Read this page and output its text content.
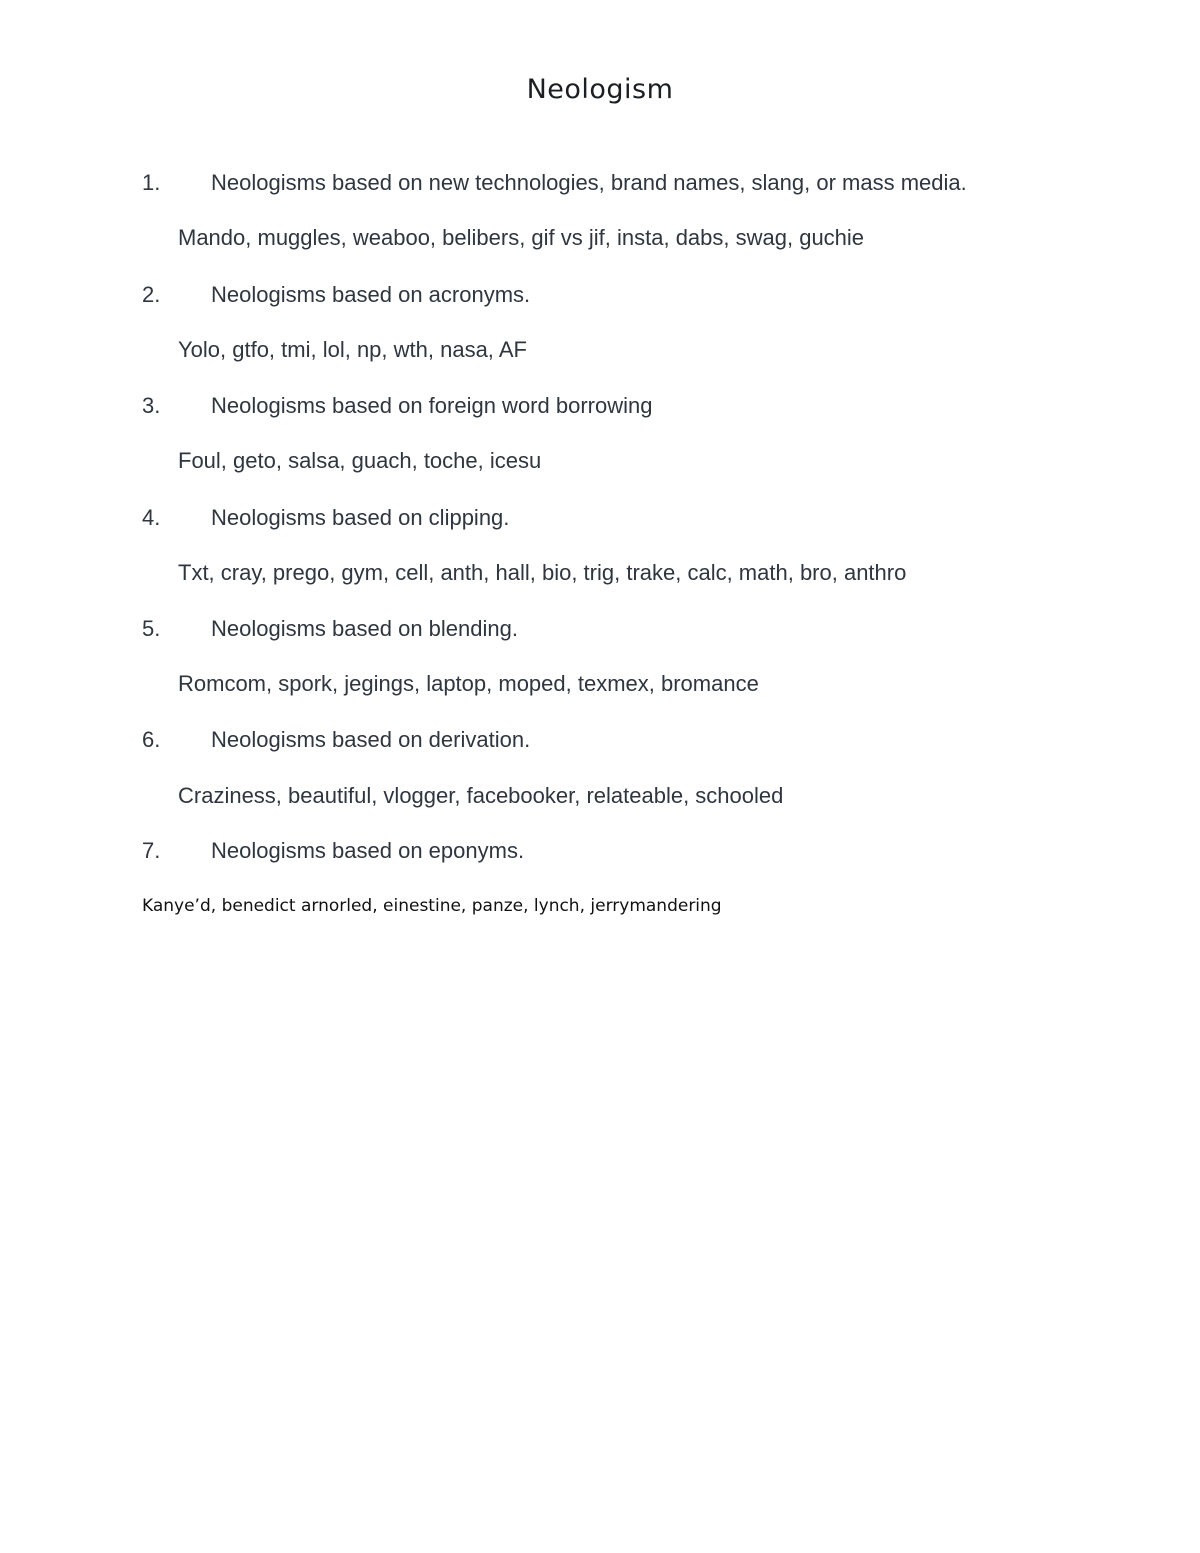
Neologism
1. Neologisms based on new technologies, brand names, slang, or mass media.
Mando, muggles, weaboo, belibers, gif vs jif, insta, dabs, swag, guchie
2. Neologisms based on acronyms.
Yolo, gtfo, tmi, lol, np, wth, nasa, AF
3. Neologisms based on foreign word borrowing
Foul, geto, salsa, guach, toche, icesu
4. Neologisms based on clipping.
Txt, cray, prego, gym, cell, anth, hall, bio, trig, trake, calc, math, bro, anthro
5. Neologisms based on blending.
Romcom, spork, jegings, laptop, moped, texmex, bromance
6. Neologisms based on derivation.
Craziness, beautiful, vlogger, facebooker, relateable, schooled
7. Neologisms based on eponyms.
Kanye’d, benedict arnorled, einestine, panze, lynch, jerrymandering
